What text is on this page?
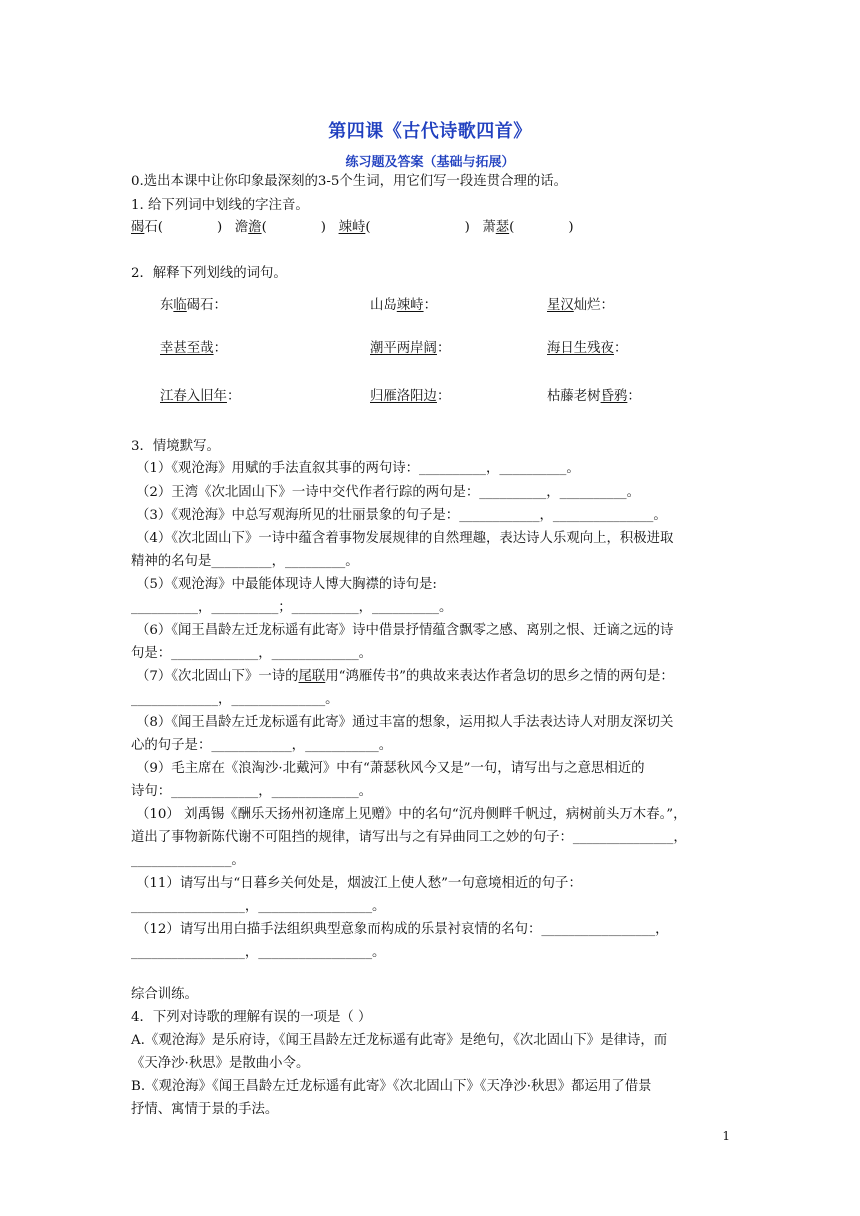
第四课《古代诗歌四首》
练习题及答案（基础与拓展）
0.选出本课中让你印象最深刻的3-5个生词，用它们写一段连贯合理的话。
1. 给下列词中划线的字注音。
碣石(	) 澹澹(	) 竦峙(	) 萧瑟(	)
2．解释下列划线的词句。
东临碣石：	山岛竦峙：	星汉灿烂：
幸甚至哉：	潮平两岸阔：	海日生残夜：
江春入旧年：	归雁洛阳边：	枯藤老树昏鸦：
3．情境默写。
（1）《观沧海》用赋的手法直叙其事的两句诗：__________，__________。
（2）王湾《次北固山下》一诗中交代作者行踪的两句是：__________，__________。
（3）《观沧海》中总写观海所见的壮丽景象的句子是：____________，_______________。
（4）《次北固山下》一诗中蕴含着事物发展规律的自然理趣，表达诗人乐观向上，积极进取
精神的名句是_________，_________。
（5）《观沧海》中最能体现诗人博大胸襟的诗句是:
__________，__________；__________，__________。
（6）《闻王昌龄左迁龙标遥有此寄》诗中借景抒情蕴含飘零之感、离别之恨、迁谪之远的诗
句是：_____________，_____________。
（7）《次北固山下》一诗的尾联用“鸿雁传书”的典故来表达作者急切的思乡之情的两句是：
_____________，______________。
（8）《闻王昌龄左迁龙标遥有此寄》通过丰富的想象，运用拟人手法表达诗人对朋友深切关
心的句子是：____________，___________。
（9）毛主席在《浪淘沙·北戴河》中有“萧瑟秋风今又是”一句，请写出与之意思相近的
诗句：_____________，_____________。
（10） 刘禹锡《酬乐天扬州初逢席上见赠》中的名句“沉舟侧畔千帆过，病树前头万木春。”，
道出了事物新陈代谢不可阻挡的规律，请写出与之有异曲同工之妙的句子：_______________，
_______________。
（11）请写出与“日暮乡关何处是，烟波江上使人愁”一句意境相近的句子：
_________________，_________________。
（12）请写出用白描手法组织典型意象而构成的乐景衬哀情的名句：_________________，
_________________，_________________。
综合训练。
4．下列对诗歌的理解有误的一项是（ ）
A.《观沧海》是乐府诗，《闻王昌龄左迁龙标遥有此寄》是绝句，《次北固山下》是律诗，而
《天净沙·秋思》是散曲小令。
B.《观沧海》《闻王昌龄左迁龙标遥有此寄》《次北固山下》《天净沙·秋思》都运用了借景
抒情、寓情于景的手法。
1
